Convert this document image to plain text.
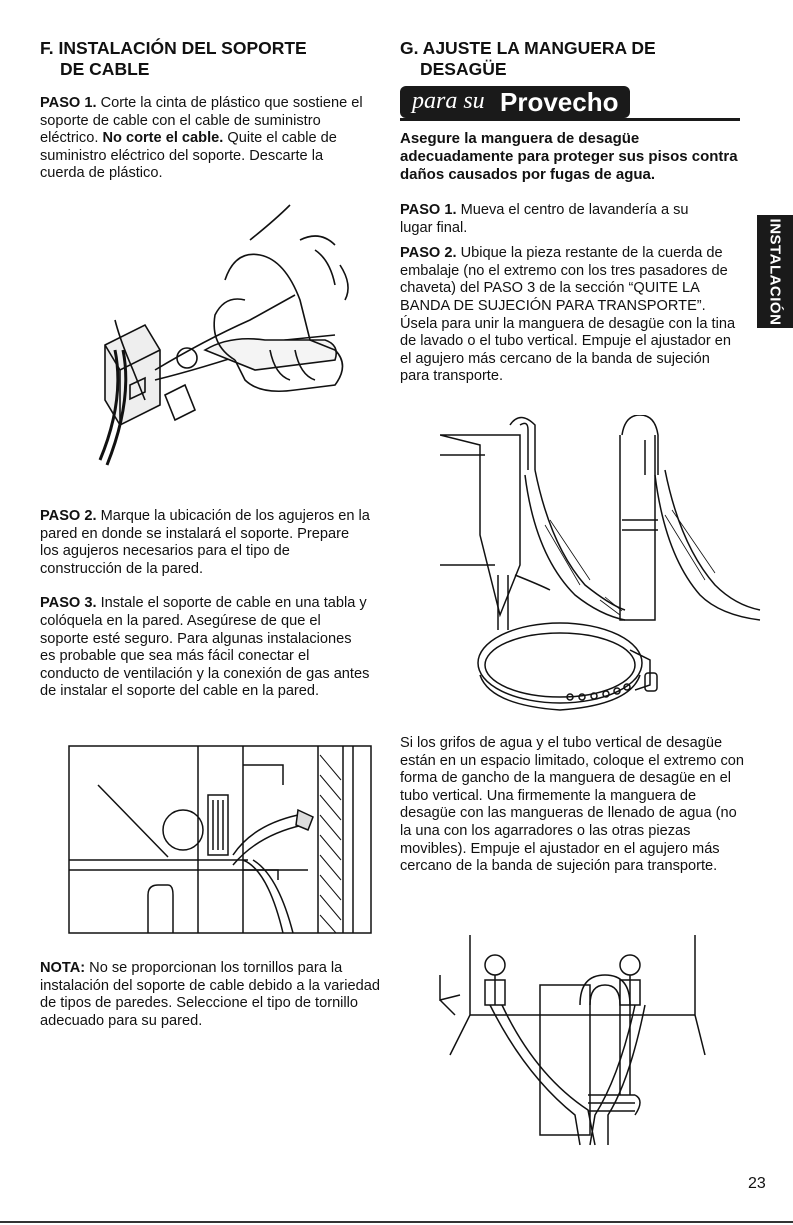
F. INSTALACIÓN DEL SOPORTE
DE CABLE

PASO 1. Corte la cinta de plástico que sostiene el soporte de cable con el cable de suministro eléctrico. No corte el cable. Quite el cable de suministro eléctrico del soporte. Descarte la cuerda de plástico.

PASO 2. Marque la ubicación de los agujeros en la pared en donde se instalará el soporte. Prepare los agujeros necesarios para el tipo de construcción de la pared.

PASO 3. Instale el soporte de cable en una tabla y colóquela en la pared. Asegúrese de que el soporte esté seguro. Para algunas instalaciones es probable que sea más fácil conectar el conducto de ventilación y la conexión de gas antes de instalar el soporte del cable en la pared.

NOTA: No se proporcionan los tornillos para la instalación del soporte de cable debido a la variedad de tipos de paredes. Seleccione el tipo de tornillo adecuado para su pared.

G. AJUSTE LA MANGUERA DE
DESAGÜE
para su Provecho

Asegure la manguera de desagüe adecuadamente para proteger sus pisos contra daños causados por fugas de agua.

PASO 1. Mueva el centro de lavandería a su lugar final.

PASO 2. Ubique la pieza restante de la cuerda de embalaje (no el extremo con los tres pasadores de chaveta) del PASO 3 de la sección “QUITE LA BANDA DE SUJECIÓN PARA TRANSPORTE”. Úsela para unir la manguera de desagüe con la tina de lavado o el tubo vertical. Empuje el ajustador en el agujero más cercano de la banda de sujeción para transporte.

Si los grifos de agua y el tubo vertical de desagüe están en un espacio limitado, coloque el extremo con forma de gancho de la manguera de desagüe en el tubo vertical. Una firmemente la manguera de desagüe con las mangueras de llenado de agua (no la una con los agarradores o las otras piezas movibles). Empuje el ajustador en el agujero más cercano de la banda de sujeción para transporte.

INSTALACIÓN
23
